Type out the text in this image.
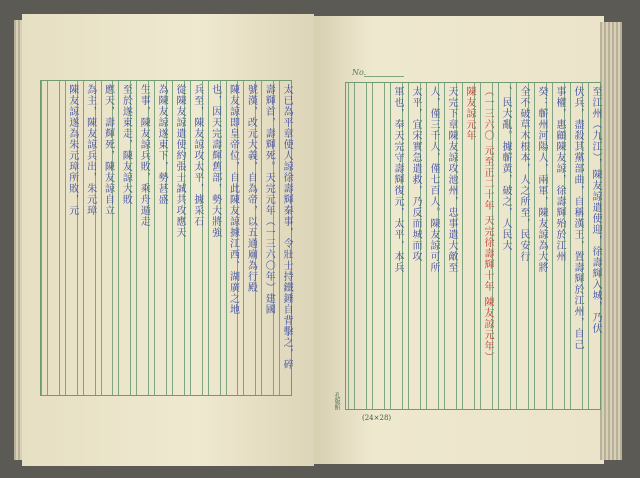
太已為平章使人諒徐壽輝秦事，令壯士持鐵錘自背擊之，碎
壽輝首，壽輝死。天完元年（一三六〇年）建國
號漢，改元大義，自為帝，以五通廟為行殿
陳友諒即皇帝位，自此陳友諒據江西、湖廣之地
也，因天完壽輝舊部，勢大將強
兵至，陳友諒攻太平，據采石
從陳友諒遣使約張士誠共攻應天
為陳友諒遂東下，勢甚盛
生事，陳友諒兵敗，乘舟遁走
至於遂東走，陳友諒大敗
應天，壽輝死，陳友諒自立
為主，陳友諒兵出，朱元璋
陳友諒遂為朱元璋所敗，元	至江州（九江），陳友諒遣使迎，徐壽輝入城，乃伏
伏兵，盡殺其黨部曲，自稱漢王，置壽輝於江州，自己
事權，惠顧陳友諒，徐壽輝殆於江州
癸：蘄州河陽人，兩軍，陳友諒為大將
全不破草木根本，人之所至，民安行
、民大亂。據蘄黃，破之，人民大
（一三六〇 元至正二十年 天完徐壽輝十年 陳友諒元年）
陳友諒元年
天完下章陳友諒攻池州，忠事遣大敵至
人，僅三千人，僅七百人。陳友諒可所
太平，宜宋實急遣救，乃反而城而攻
軍也，奉天完守壽輝復元，太平，本兵
No.
孔版館
(24×28)
